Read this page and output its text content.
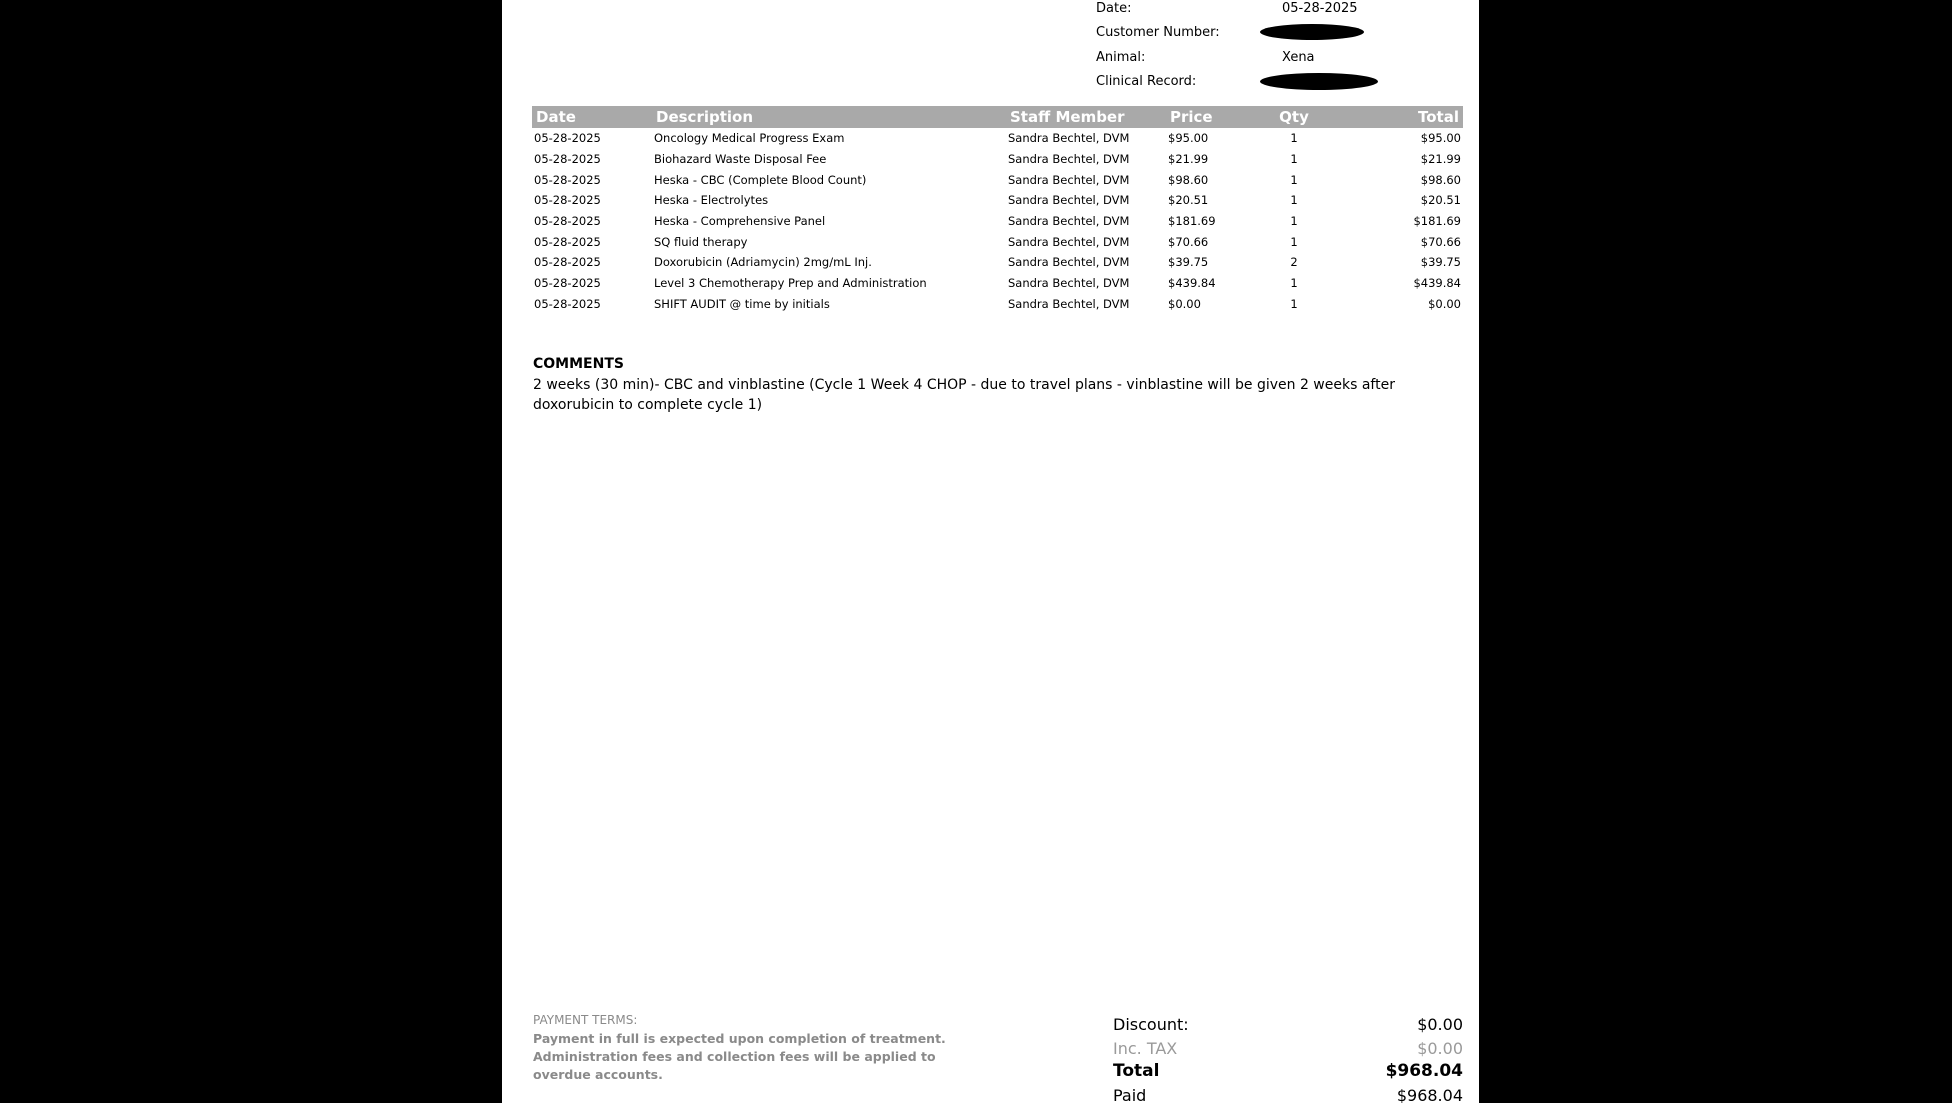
Date:	05-28-2025
Customer Number:
Animal:	Xena
Clinical Record:
Date	Description	Staff Member	Price	Qty	Total
05-28-2025	Oncology Medical Progress Exam	Sandra Bechtel, DVM	$95.00	1	$95.00
05-28-2025	Biohazard Waste Disposal Fee	Sandra Bechtel, DVM	$21.99	1	$21.99
05-28-2025	Heska - CBC (Complete Blood Count)	Sandra Bechtel, DVM	$98.60	1	$98.60
05-28-2025	Heska - Electrolytes	Sandra Bechtel, DVM	$20.51	1	$20.51
05-28-2025	Heska - Comprehensive Panel	Sandra Bechtel, DVM	$181.69	1	$181.69
05-28-2025	SQ fluid therapy	Sandra Bechtel, DVM	$70.66	1	$70.66
05-28-2025	Doxorubicin (Adriamycin) 2mg/mL Inj.	Sandra Bechtel, DVM	$39.75	2	$39.75
05-28-2025	Level 3 Chemotherapy Prep and Administration	Sandra Bechtel, DVM	$439.84	1	$439.84
05-28-2025	SHIFT AUDIT @ time by initials	Sandra Bechtel, DVM	$0.00	1	$0.00
COMMENTS
2 weeks (30 min)- CBC and vinblastine (Cycle 1 Week 4 CHOP - due to travel plans - vinblastine will be given 2 weeks after doxorubicin to complete cycle 1)
PAYMENT TERMS:
Payment in full is expected upon completion of treatment. Administration fees and collection fees will be applied to overdue accounts.
Discount:	$0.00
Inc. TAX	$0.00
Total	$968.04
Paid	$968.04
